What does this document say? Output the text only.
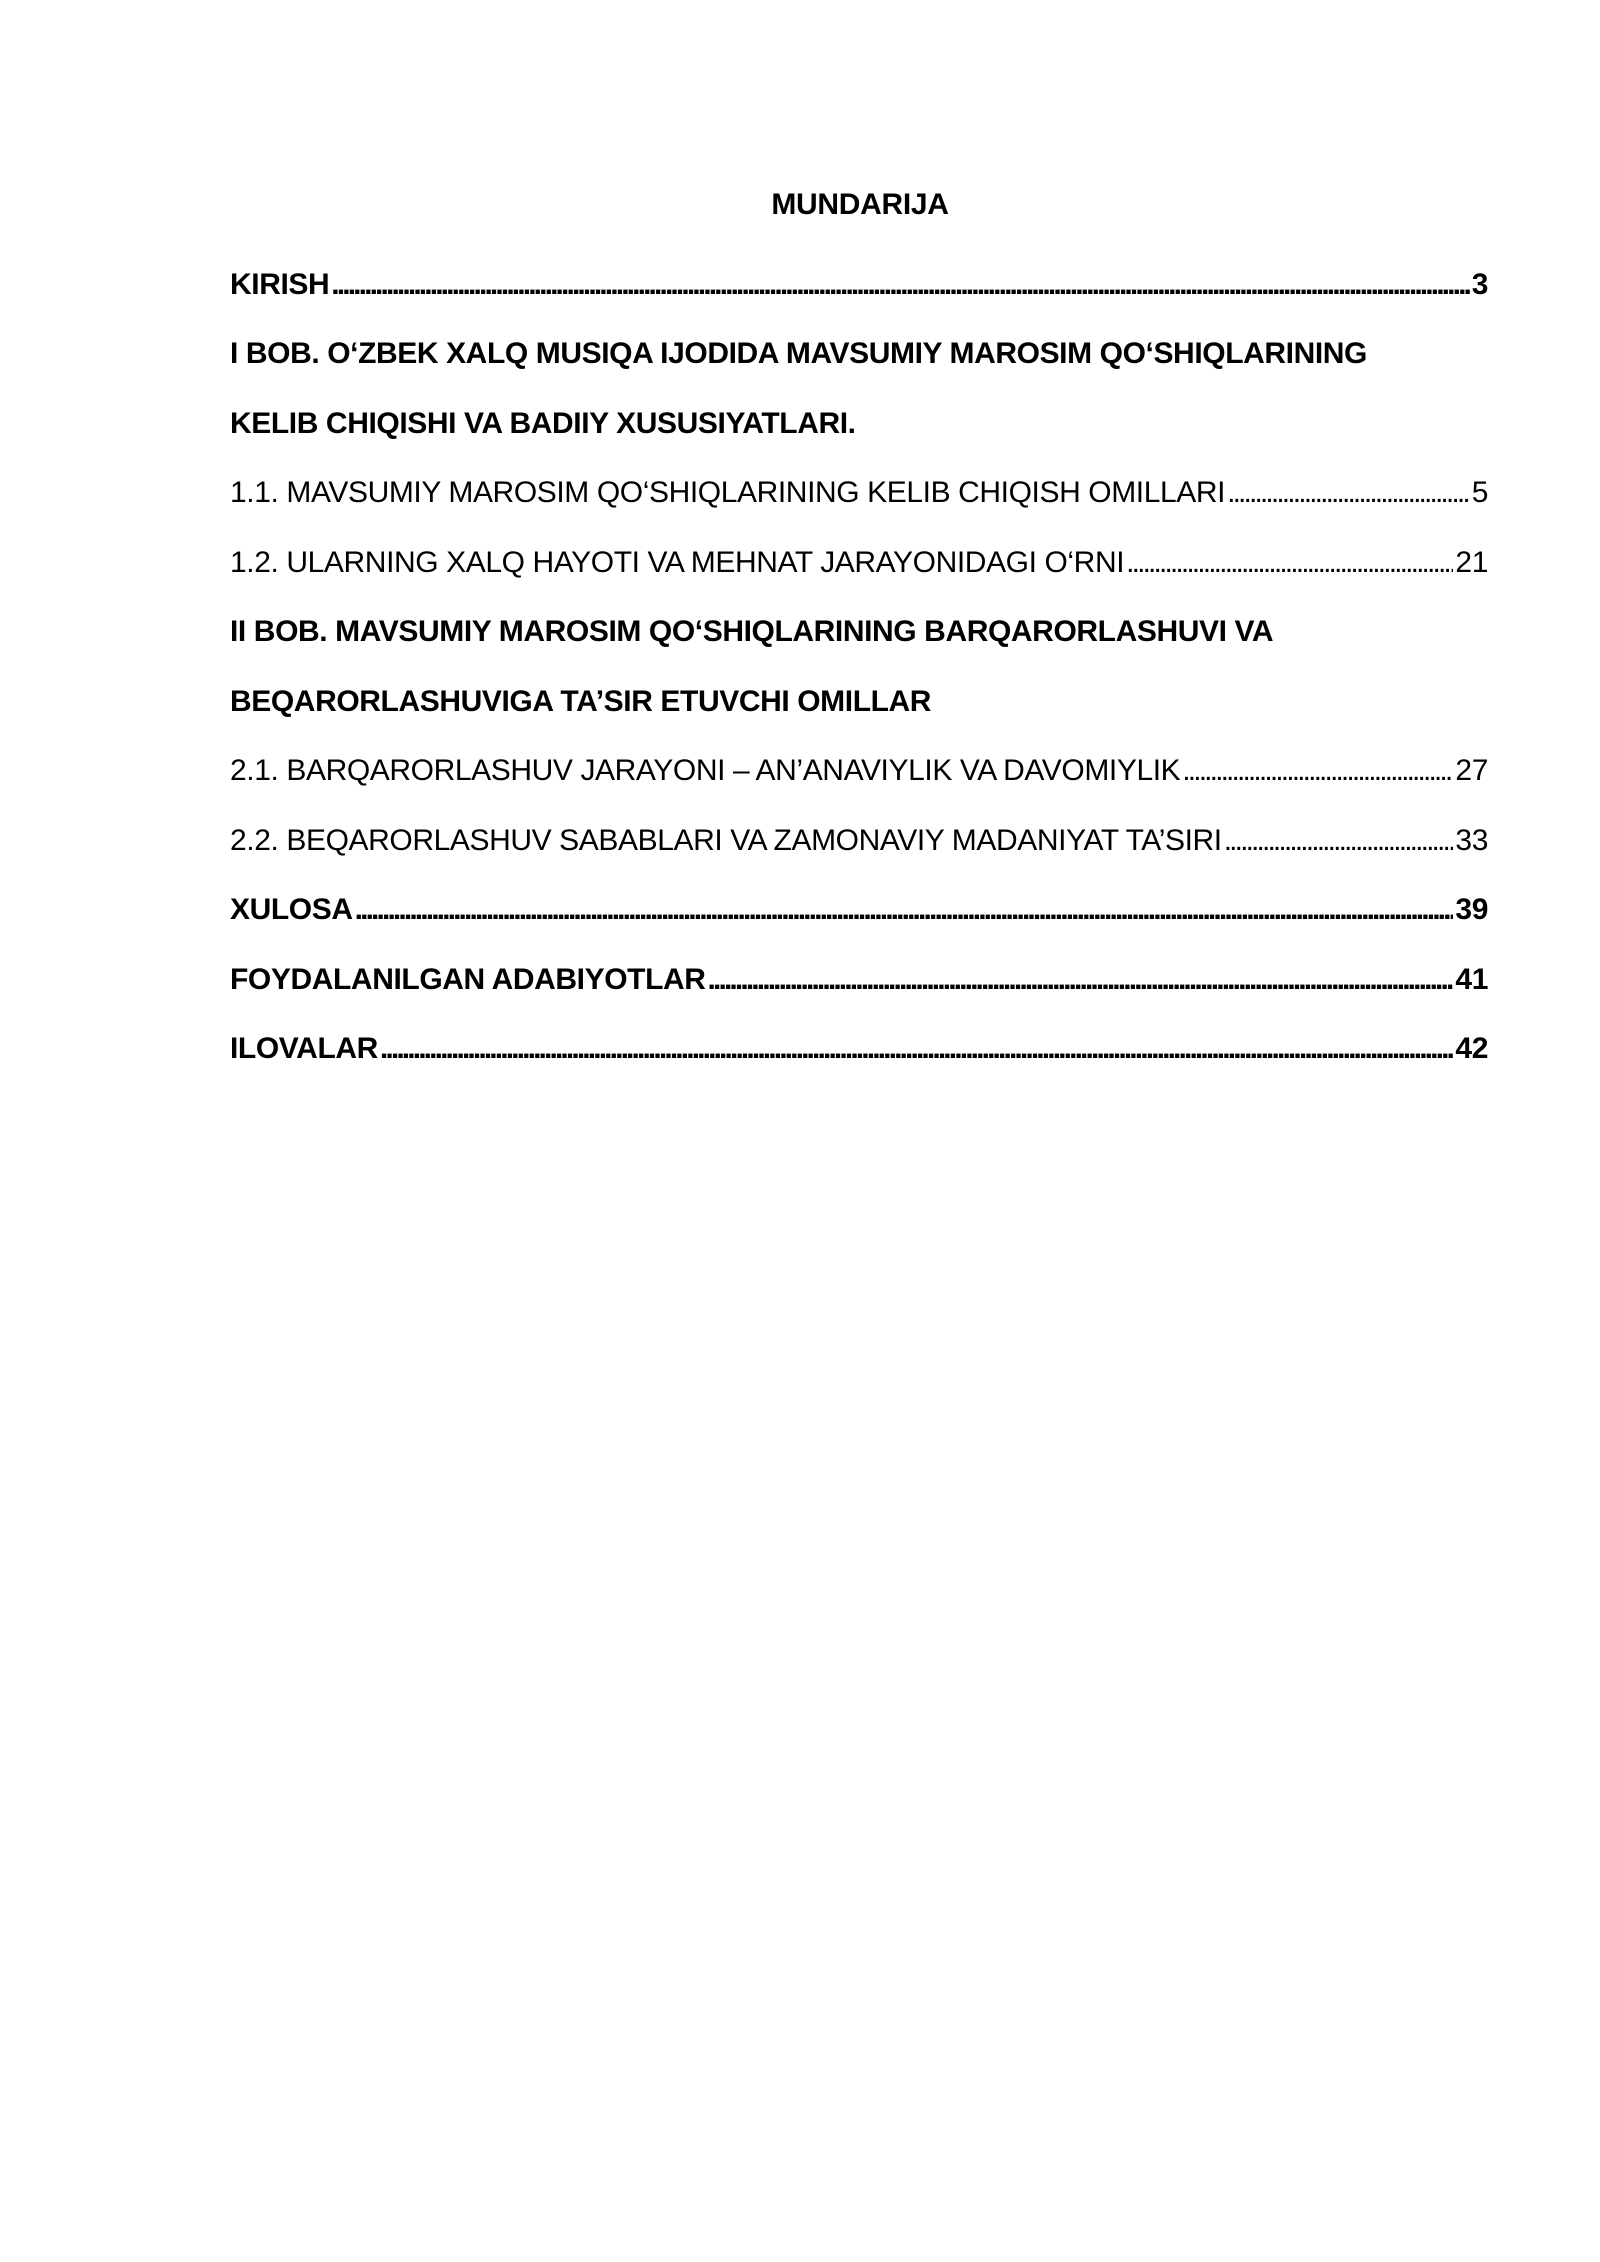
MUNDARIJA
KIRISH . . .	3
I BOB. O‘ZBEK XALQ MUSIQA IJODIDA MAVSUMIY MAROSIM QO‘SHIQLARINING
KELIB CHIQISHI VA BADIIY XUSUSIYATLARI.
1.1. MAVSUMIY MAROSIM QO‘SHIQLARINING KELIB CHIQISH OMILLARI . . .	5
1.2. ULARNING XALQ HAYOTI VA MEHNAT JARAYONIDAGI O‘RNI . . .	21
II BOB. MAVSUMIY MAROSIM QO‘SHIQLARINING BARQARORLASHUVI VA
BEQARORLASHUVIGA TA’SIR ETUVCHI OMILLAR
2.1. BARQARORLASHUV JARAYONI – AN’ANAVIYLIK VA DAVOMIYLIK . . .	27
2.2. BEQARORLASHUV SABABLARI VA ZAMONAVIY MADANIYAT TA’SIRI . . .	33
XULOSA . . .	39
FOYDALANILGAN ADABIYOTLAR . . .	41
ILOVALAR . . .	42
